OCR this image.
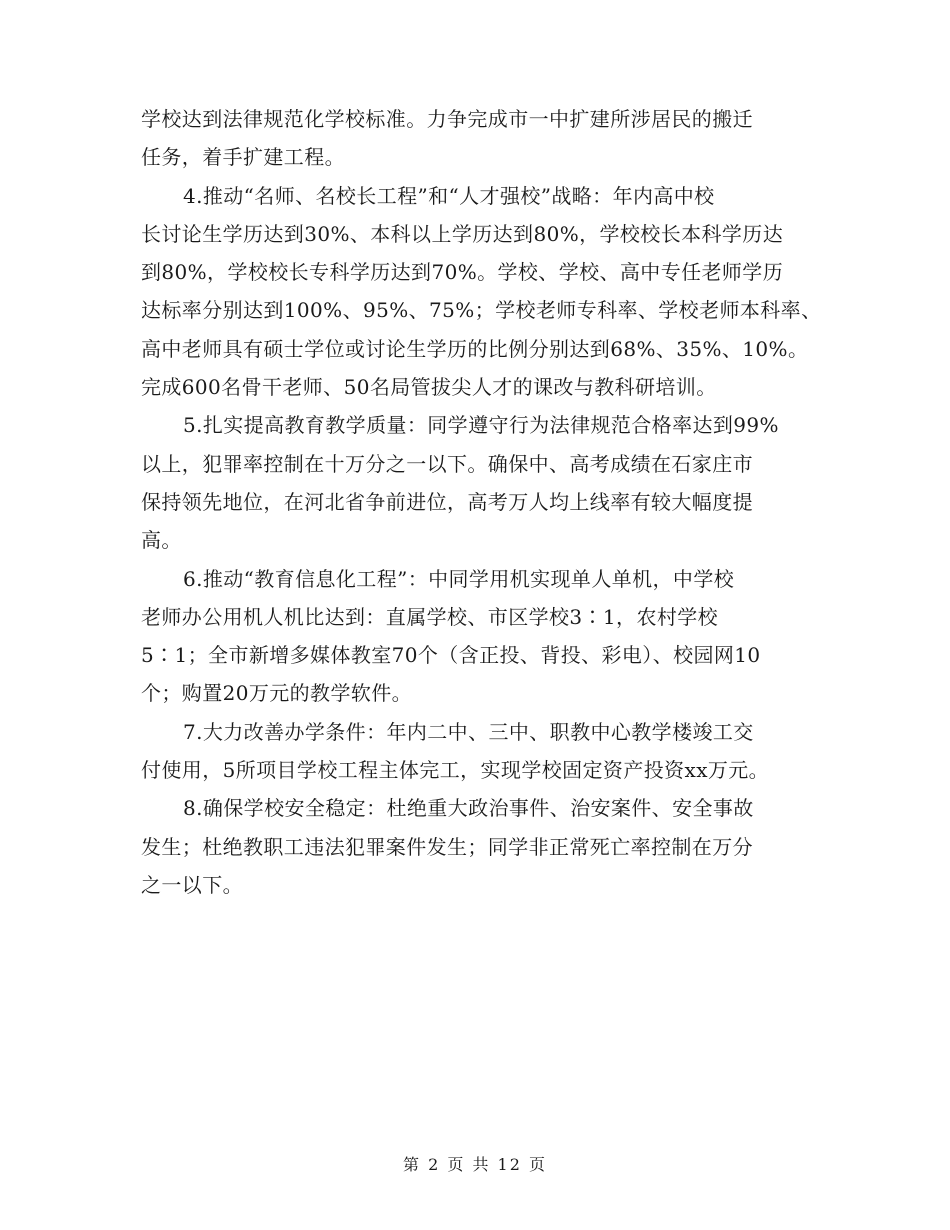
学校达到法律规范化学校标准。力争完成市一中扩建所涉居民的搬迁
任务，着手扩建工程。
4.推动“名师、名校长工程”和“人才强校”战略：年内高中校
长讨论生学历达到30%、本科以上学历达到80%，学校校长本科学历达
到80%，学校校长专科学历达到70%。学校、学校、高中专任老师学历
达标率分别达到100%、95%、75%；学校老师专科率、学校老师本科率、
高中老师具有硕士学位或讨论生学历的比例分别达到68%、35%、10%。
完成600名骨干老师、50名局管拔尖人才的课改与教科研培训。
5.扎实提高教育教学质量：同学遵守行为法律规范合格率达到99%
以上，犯罪率控制在十万分之一以下。确保中、高考成绩在石家庄市
保持领先地位，在河北省争前进位，高考万人均上线率有较大幅度提
高。
6.推动“教育信息化工程”：中同学用机实现单人单机，中学校
老师办公用机人机比达到：直属学校、市区学校3∶1，农村学校
5∶1；全市新增多媒体教室70个（含正投、背投、彩电）、校园网10
个；购置20万元的教学软件。
7.大力改善办学条件：年内二中、三中、职教中心教学楼竣工交
付使用，5所项目学校工程主体完工，实现学校固定资产投资xx万元。
8.确保学校安全稳定：杜绝重大政治事件、治安案件、安全事故
发生；杜绝教职工违法犯罪案件发生；同学非正常死亡率控制在万分
之一以下。
第 2 页 共 12 页
